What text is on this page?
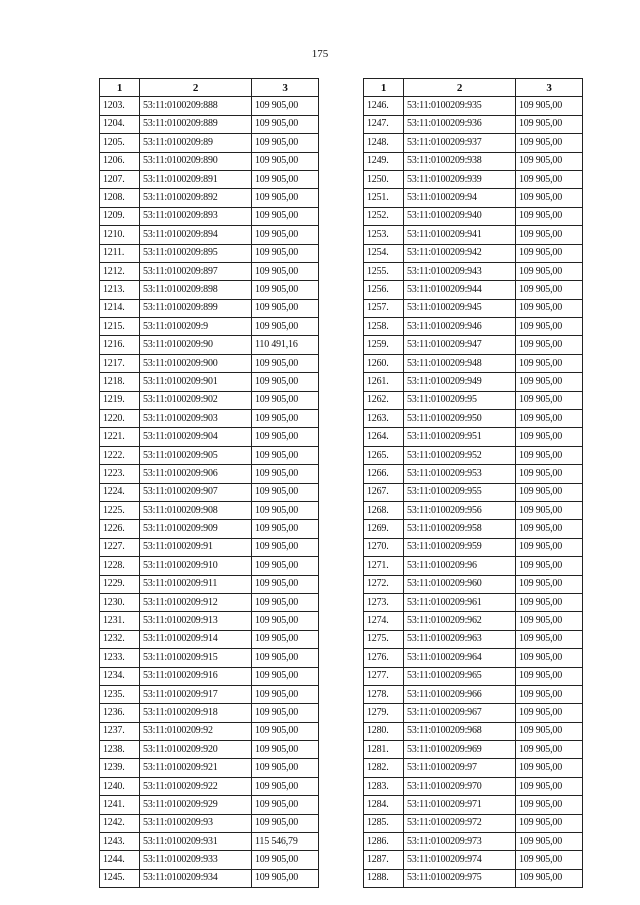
175
1	2	3
1203.	53:11:0100209:888	109 905,00
1204.	53:11:0100209:889	109 905,00
1205.	53:11:0100209:89	109 905,00
1206.	53:11:0100209:890	109 905,00
1207.	53:11:0100209:891	109 905,00
1208.	53:11:0100209:892	109 905,00
1209.	53:11:0100209:893	109 905,00
1210.	53:11:0100209:894	109 905,00
1211.	53:11:0100209:895	109 905,00
1212.	53:11:0100209:897	109 905,00
1213.	53:11:0100209:898	109 905,00
1214.	53:11:0100209:899	109 905,00
1215.	53:11:0100209:9	109 905,00
1216.	53:11:0100209:90	110 491,16
1217.	53:11:0100209:900	109 905,00
1218.	53:11:0100209:901	109 905,00
1219.	53:11:0100209:902	109 905,00
1220.	53:11:0100209:903	109 905,00
1221.	53:11:0100209:904	109 905,00
1222.	53:11:0100209:905	109 905,00
1223.	53:11:0100209:906	109 905,00
1224.	53:11:0100209:907	109 905,00
1225.	53:11:0100209:908	109 905,00
1226.	53:11:0100209:909	109 905,00
1227.	53:11:0100209:91	109 905,00
1228.	53:11:0100209:910	109 905,00
1229.	53:11:0100209:911	109 905,00
1230.	53:11:0100209:912	109 905,00
1231.	53:11:0100209:913	109 905,00
1232.	53:11:0100209:914	109 905,00
1233.	53:11:0100209:915	109 905,00
1234.	53:11:0100209:916	109 905,00
1235.	53:11:0100209:917	109 905,00
1236.	53:11:0100209:918	109 905,00
1237.	53:11:0100209:92	109 905,00
1238.	53:11:0100209:920	109 905,00
1239.	53:11:0100209:921	109 905,00
1240.	53:11:0100209:922	109 905,00
1241.	53:11:0100209:929	109 905,00
1242.	53:11:0100209:93	109 905,00
1243.	53:11:0100209:931	115 546,79
1244.	53:11:0100209:933	109 905,00
1245.	53:11:0100209:934	109 905,00
1	2	3
1246.	53:11:0100209:935	109 905,00
1247.	53:11:0100209:936	109 905,00
1248.	53:11:0100209:937	109 905,00
1249.	53:11:0100209:938	109 905,00
1250.	53:11:0100209:939	109 905,00
1251.	53:11:0100209:94	109 905,00
1252.	53:11:0100209:940	109 905,00
1253.	53:11:0100209:941	109 905,00
1254.	53:11:0100209:942	109 905,00
1255.	53:11:0100209:943	109 905,00
1256.	53:11:0100209:944	109 905,00
1257.	53:11:0100209:945	109 905,00
1258.	53:11:0100209:946	109 905,00
1259.	53:11:0100209:947	109 905,00
1260.	53:11:0100209:948	109 905,00
1261.	53:11:0100209:949	109 905,00
1262.	53:11:0100209:95	109 905,00
1263.	53:11:0100209:950	109 905,00
1264.	53:11:0100209:951	109 905,00
1265.	53:11:0100209:952	109 905,00
1266.	53:11:0100209:953	109 905,00
1267.	53:11:0100209:955	109 905,00
1268.	53:11:0100209:956	109 905,00
1269.	53:11:0100209:958	109 905,00
1270.	53:11:0100209:959	109 905,00
1271.	53:11:0100209:96	109 905,00
1272.	53:11:0100209:960	109 905,00
1273.	53:11:0100209:961	109 905,00
1274.	53:11:0100209:962	109 905,00
1275.	53:11:0100209:963	109 905,00
1276.	53:11:0100209:964	109 905,00
1277.	53:11:0100209:965	109 905,00
1278.	53:11:0100209:966	109 905,00
1279.	53:11:0100209:967	109 905,00
1280.	53:11:0100209:968	109 905,00
1281.	53:11:0100209:969	109 905,00
1282.	53:11:0100209:97	109 905,00
1283.	53:11:0100209:970	109 905,00
1284.	53:11:0100209:971	109 905,00
1285.	53:11:0100209:972	109 905,00
1286.	53:11:0100209:973	109 905,00
1287.	53:11:0100209:974	109 905,00
1288.	53:11:0100209:975	109 905,00
